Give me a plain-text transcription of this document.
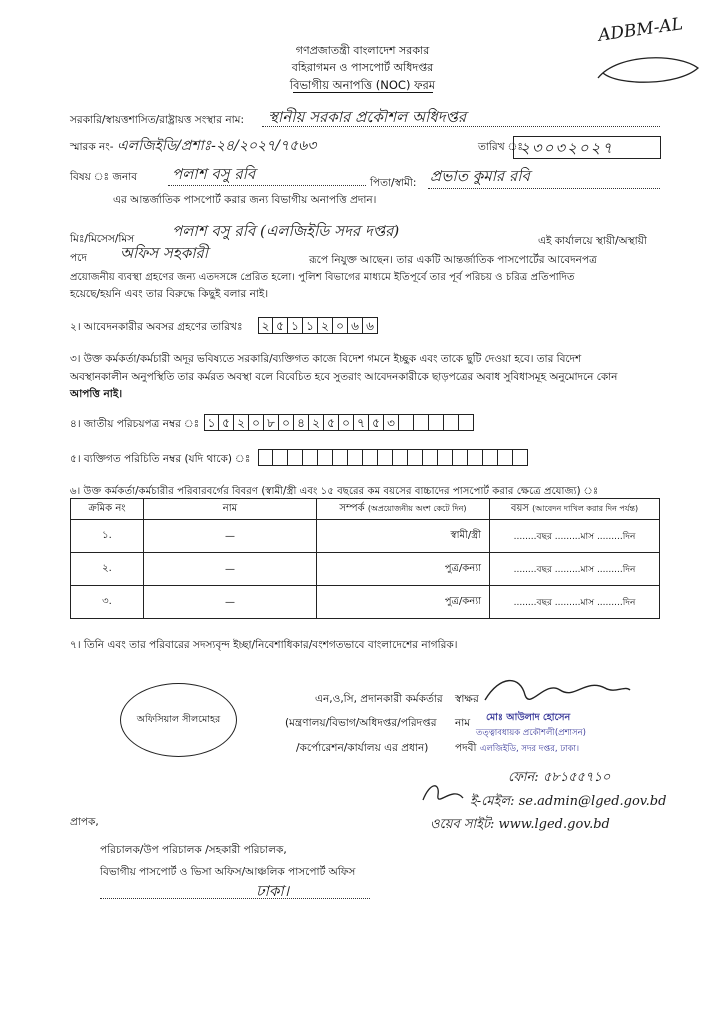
গণপ্রজাতন্ত্রী বাংলাদেশ সরকার
বহিরাগমন ও পাসপোর্ট অধিদপ্তর
বিভাগীয় অনাপত্তি (NOC) ফরম
ADBM-AL
সরকারি/স্বায়ত্তশাসিত/রাষ্ট্রায়ত্ত সংস্থার নাম: স্থানীয় সরকার প্রকৌশল অধিদপ্তর
স্মারক নং- এলজিইডি/প্রশাঃ-২৪/২০২৭/৭৫৬৩	তারিখ ঃ
২৩০৩২০২৭
বিষয় ঃ জনাব পলাশ বসু রবি	পিতা/স্বামী: প্রভাত কুমার রবি
এর আন্তর্জাতিক পাসপোর্ট করার জন্য বিভাগীয় অনাপত্তি প্রদান।
মিঃ/মিসেস/মিস	পলাশ বসু রবি (এলজিইডি সদর দপ্তর)
এই কার্যালয়ে স্থায়ী/অস্থায়ী
পদে অফিস সহকারী	রূপে নিযুক্ত আছেন। তার একটি আন্তর্জাতিক পাসপোর্টের আবেদনপত্র
প্রয়োজনীয় ব্যবস্থা গ্রহণের জন্য এতদসঙ্গে প্রেরিত হলো। পুলিশ বিভাগের মাধ্যমে ইতিপূর্বে তার পূর্ব পরিচয় ও চরিত্র প্রতিপাদিত
হয়েছে/হয়নি এবং তার বিরুদ্ধে কিছুই বলার নাই।
২। আবেদনকারীর অবসর গ্রহণের তারিখঃ ২ ৫ ১ ১ ২ ০ ৬ ৬
৩। উক্ত কর্মকর্তা/কর্মচারী অদূর ভবিষ্যতে সরকারি/ব্যক্তিগত কাজে বিদেশ গমনে ইচ্ছুক এবং তাকে ছুটি দেওয়া হবে। তার বিদেশ
অবস্থানকালীন অনুপস্থিতি তার কর্মরত অবস্থা বলে বিবেচিত হবে সুতরাং আবেদনকারীকে ছাড়পত্রের অবাধ সুবিধাসমূহ অনুমোদনে কোন
আপত্তি নাই।
৪। জাতীয় পরিচয়পত্র নম্বর ঃ ১ ৫ ২ ০ ৮ ০ ৪ ২ ৫ ০ ৭ ৫ ৩
৫। ব্যক্তিগত পরিচিতি নম্বর (যদি থাকে) ঃ
৬। উক্ত কর্মকর্তা/কর্মচারীর পরিবারবর্গের বিবরণ (স্বামী/স্ত্রী এবং ১৫ বছরের কম বয়সের বাচ্চাদের পাসপোর্ট করার ক্ষেত্রে প্রযোজ্য) ঃ
ক্রমিক নং	নাম	সম্পর্ক (অপ্রয়োজনীয় অংশ কেটে দিন)	বয়স (আবেদন দাখিল করার দিন পর্যন্ত)
১.	—	স্বামী/স্ত্রী	........বছর .........মাস .........দিন
২.	—	পুত্র/কন্যা	........বছর .........মাস .........দিন
৩.	—	পুত্র/কন্যা	........বছর .........মাস .........দিন
৭। তিনি এবং তার পরিবারের সদস্যবৃন্দ ইচ্ছা/নিবেশাধিকার/বংশগতভাবে বাংলাদেশের নাগরিক।
অফিসিয়াল সীলমোহর
এন,ও,সি, প্রদানকারী কর্মকর্তার
(মন্ত্রণালয়/বিভাগ/অধিদপ্তর/পরিদপ্তর
/কর্পোরেশন/কার্যালয় এর প্রধান)
স্বাক্ষর
নাম মোঃ আউলাদ হোসেন
তত্ত্বাবধায়ক প্রকৌশলী(প্রশাসন)
পদবী এলজিইডি, সদর দপ্তর, ঢাকা।
ফোন: ৫৮১৫৫৭১০
ই-মেইল: se.admin@lged.gov.bd
ওয়েব সাইট: www.lged.gov.bd
প্রাপক,
পরিচালক/উপ পরিচালক /সহকারী পরিচালক,
বিভাগীয় পাসপোর্ট ও ভিসা অফিস/আঞ্চলিক পাসপোর্ট অফিস
ঢাকা।
